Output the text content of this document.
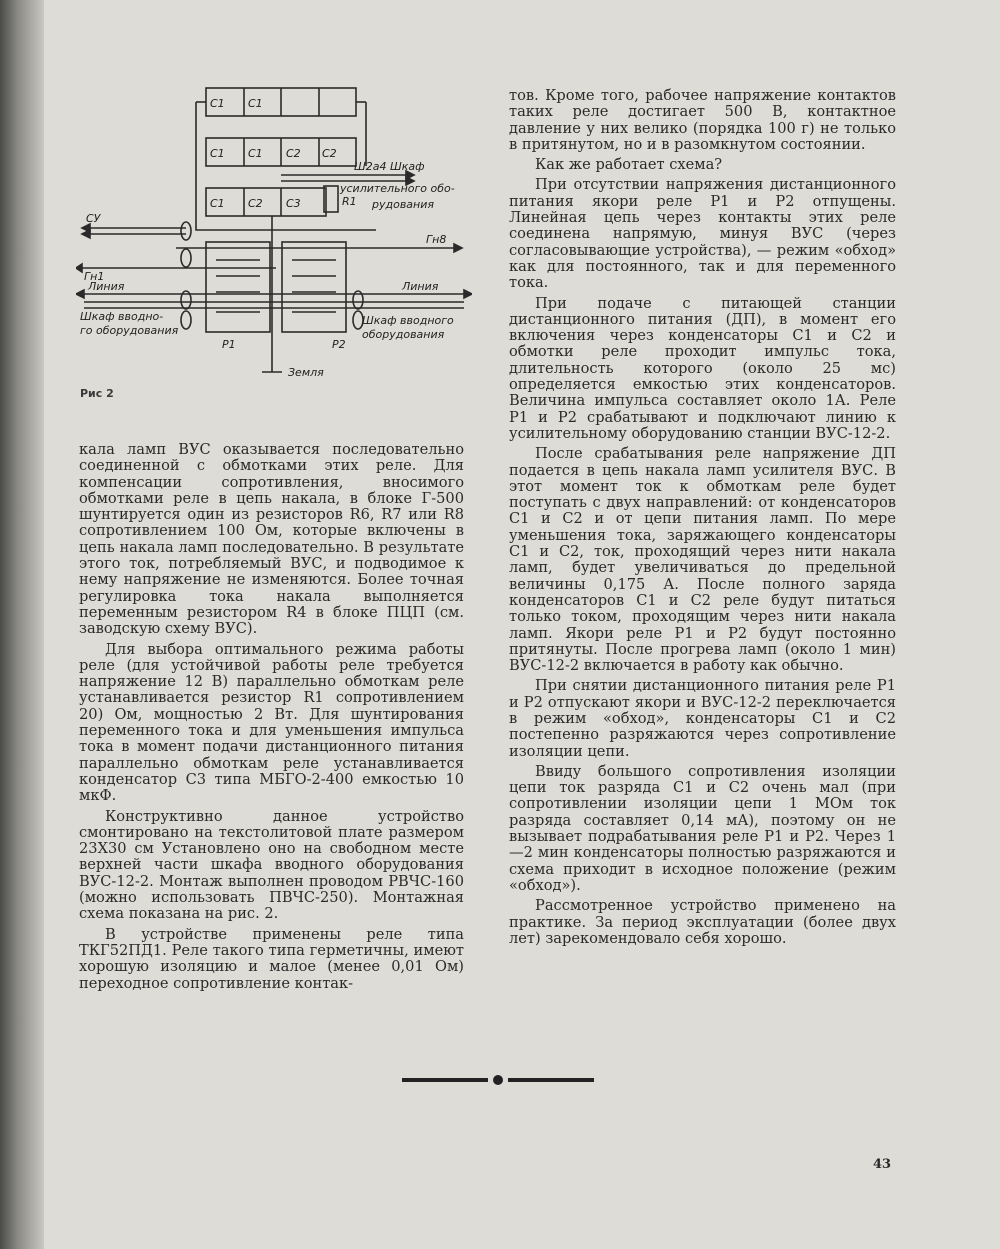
С1 С1
С1 С1 С2 С2
С1 С2 С3	R1
Ш2а4 Шкаф
усилительного обо-
рудования
СУ
Гн8
Гн1
Линия	Линия
Шкаф вводно-
го оборудования
Шкаф вводного
оборудования
Р1	Р2
Земля
Рис 2

кала ламп ВУС оказывается последовательно соединенной с обмотками этих реле. Для компенсации сопротивления, вносимого обмотками реле в цепь накала, в блоке Г-500 шунтируется один из резисторов R6, R7 или R8 сопротивлением 100 Ом, которые включены в цепь накала ламп последовательно. В результате этого ток, потребляемый ВУС, и подводимое к нему напряжение не изменяются. Более точная регулировка тока накала выполняется переменным резистором R4 в блоке ПЦП (см. заводскую схему ВУС).

Для выбора оптимального режима работы реле (для устойчивой работы реле требуется напряжение 12 В) параллельно обмоткам реле устанавливается резистор R1 сопротивлением 20) Ом, мощностью 2 Вт. Для шунтирования переменного тока и для уменьшения импульса тока в момент подачи дистанционного питания параллельно обмоткам реле устанавливается конденсатор С3 типа МБГО-2-400 емкостью 10 мкФ.

Конструктивно данное устройство смонтировано на текстолитовой плате размером 23Х30 см Установлено оно на свободном месте верхней части шкафа вводного оборудования ВУС-12-2. Монтаж выполнен проводом РВЧС-160 (можно использовать ПВЧС-250). Монтажная схема показана на рис. 2.

В устройстве применены реле типа ТКГ52ПД1. Реле такого типа герметичны, имеют хорошую изоляцию и малое (менее 0,01 Ом) переходное сопротивление контак-

тов. Кроме того, рабочее напряжение контактов таких реле достигает 500 В, контактное давление у них велико (порядка 100 г) не только в притянутом, но и в разомкнутом состоянии.

Как же работает схема?

При отсутствии напряжения дистанционного питания якори реле Р1 и Р2 отпущены. Линейная цепь через контакты этих реле соединена напрямую, минуя ВУС (через согласовывающие устройства), — режим «обход» как для постоянного, так и для переменного тока.

При подаче с питающей станции дистанционного питания (ДП), в момент его включения через конденсаторы С1 и С2 и обмотки реле проходит импульс тока, длительность которого (около 25 мс) определяется емкостью этих конденсаторов. Величина импульса составляет около 1А. Реле Р1 и Р2 срабатывают и подключают линию к усилительному оборудованию станции ВУС-12-2.

После срабатывания реле напряжение ДП подается в цепь накала ламп усилителя ВУС. В этот момент ток к обмоткам реле будет поступать с двух направлений: от конденсаторов С1 и С2 и от цепи питания ламп. По мере уменьшения тока, заряжающего конденсаторы С1 и С2, ток, проходящий через нити накала ламп, будет увеличиваться до предельной величины 0,175 А. После полного заряда конденсаторов С1 и С2 реле будут питаться только током, проходящим через нити накала ламп. Якори реле Р1 и Р2 будут постоянно притянуты. После прогрева ламп (около 1 мин) ВУС-12-2 включается в работу как обычно.

При снятии дистанционного питания реле Р1 и Р2 отпускают якори и ВУС-12-2 переключается в режим «обход», конденсаторы С1 и С2 постепенно разряжаются через сопротивление изоляции цепи.

Ввиду большого сопротивления изоляции цепи ток разряда С1 и С2 очень мал (при сопротивлении изоляции цепи 1 МОм ток разряда составляет 0,14 мА), поэтому он не вызывает подрабатывания реле Р1 и Р2. Через 1—2 мин конденсаторы полностью разряжаются и схема приходит в исходное положение (режим «обход»).

Рассмотренное устройство применено на практике. За период эксплуатации (более двух лет) зарекомендовало себя хорошо.

43
